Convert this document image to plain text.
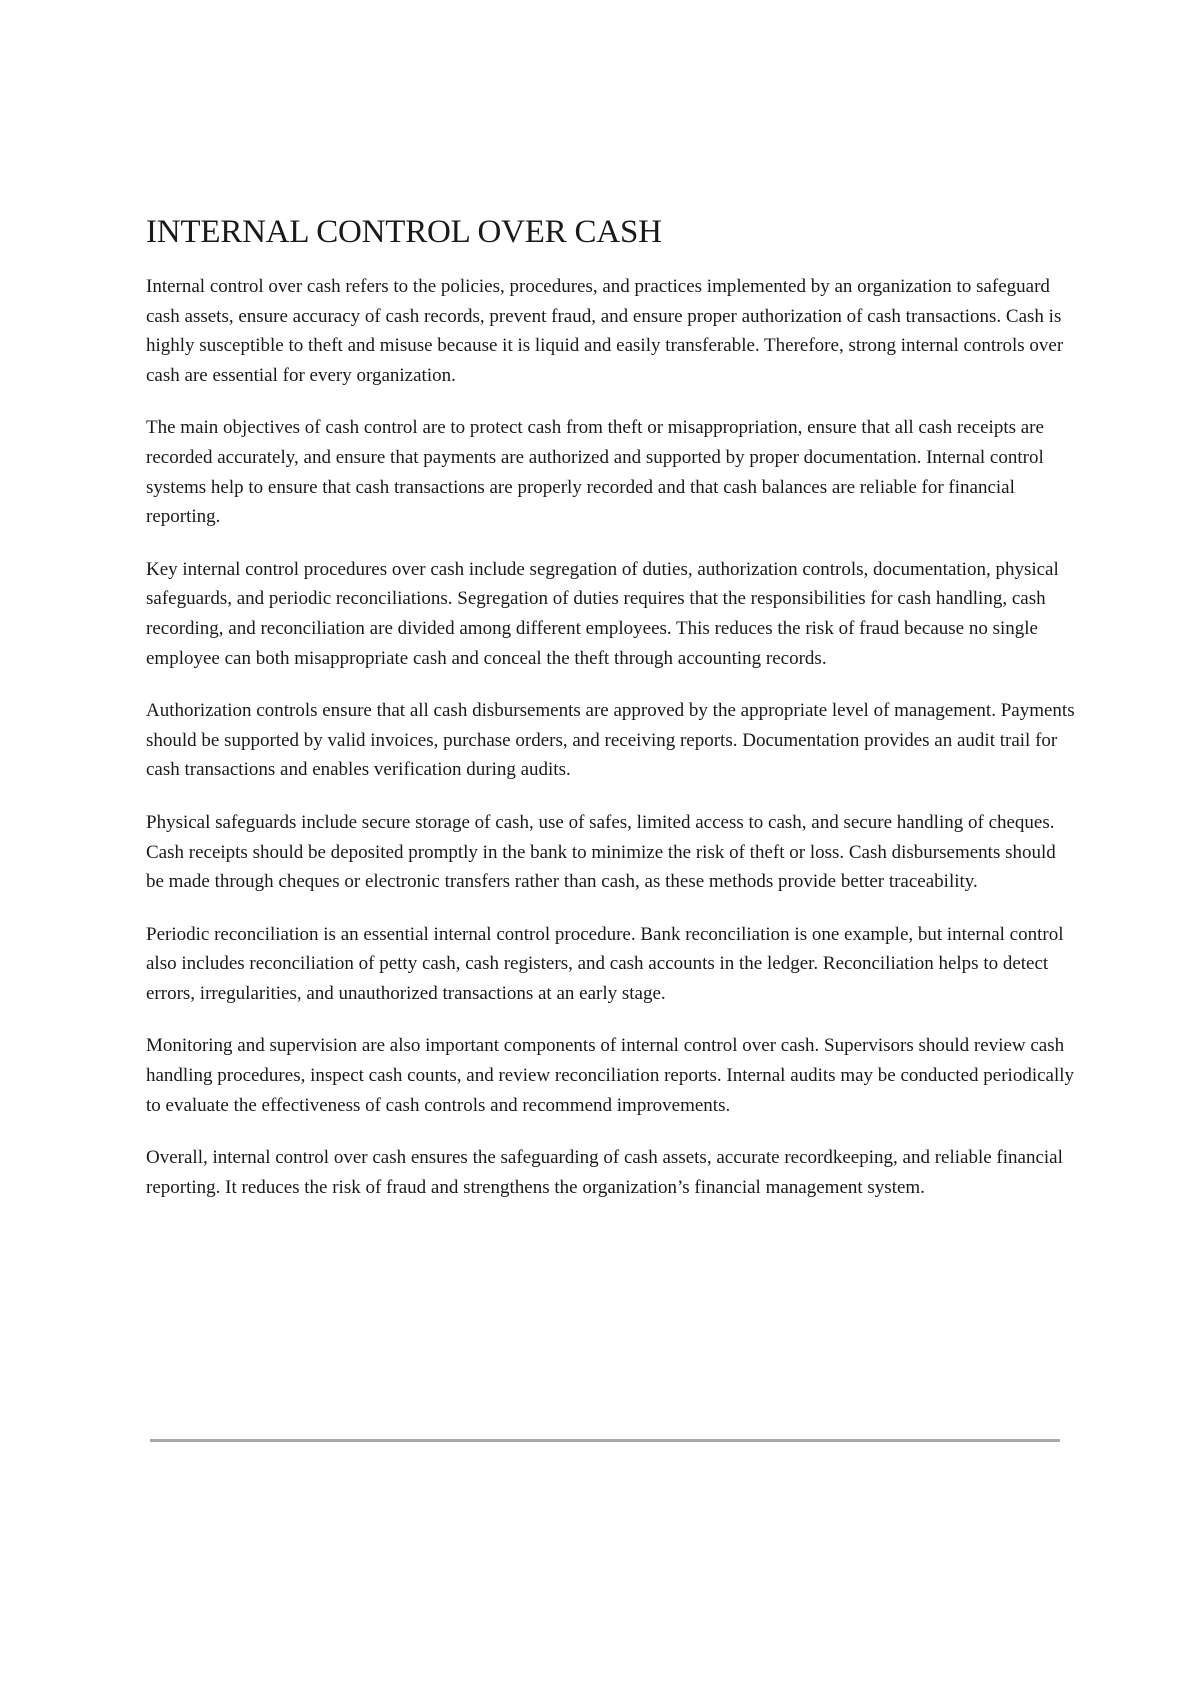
INTERNAL CONTROL OVER CASH

Internal control over cash refers to the policies, procedures, and practices implemented by an organization to safeguard cash assets, ensure accuracy of cash records, prevent fraud, and ensure proper authorization of cash transactions. Cash is highly susceptible to theft and misuse because it is liquid and easily transferable. Therefore, strong internal controls over cash are essential for every organization.

The main objectives of cash control are to protect cash from theft or misappropriation, ensure that all cash receipts are recorded accurately, and ensure that payments are authorized and supported by proper documentation. Internal control systems help to ensure that cash transactions are properly recorded and that cash balances are reliable for financial reporting.

Key internal control procedures over cash include segregation of duties, authorization controls, documentation, physical safeguards, and periodic reconciliations. Segregation of duties requires that the responsibilities for cash handling, cash recording, and reconciliation are divided among different employees. This reduces the risk of fraud because no single employee can both misappropriate cash and conceal the theft through accounting records.

Authorization controls ensure that all cash disbursements are approved by the appropriate level of management. Payments should be supported by valid invoices, purchase orders, and receiving reports. Documentation provides an audit trail for cash transactions and enables verification during audits.

Physical safeguards include secure storage of cash, use of safes, limited access to cash, and secure handling of cheques. Cash receipts should be deposited promptly in the bank to minimize the risk of theft or loss. Cash disbursements should be made through cheques or electronic transfers rather than cash, as these methods provide better traceability.

Periodic reconciliation is an essential internal control procedure. Bank reconciliation is one example, but internal control also includes reconciliation of petty cash, cash registers, and cash accounts in the ledger. Reconciliation helps to detect errors, irregularities, and unauthorized transactions at an early stage.

Monitoring and supervision are also important components of internal control over cash. Supervisors should review cash handling procedures, inspect cash counts, and review reconciliation reports. Internal audits may be conducted periodically to evaluate the effectiveness of cash controls and recommend improvements.

Overall, internal control over cash ensures the safeguarding of cash assets, accurate recordkeeping, and reliable financial reporting. It reduces the risk of fraud and strengthens the organization’s financial management system.
